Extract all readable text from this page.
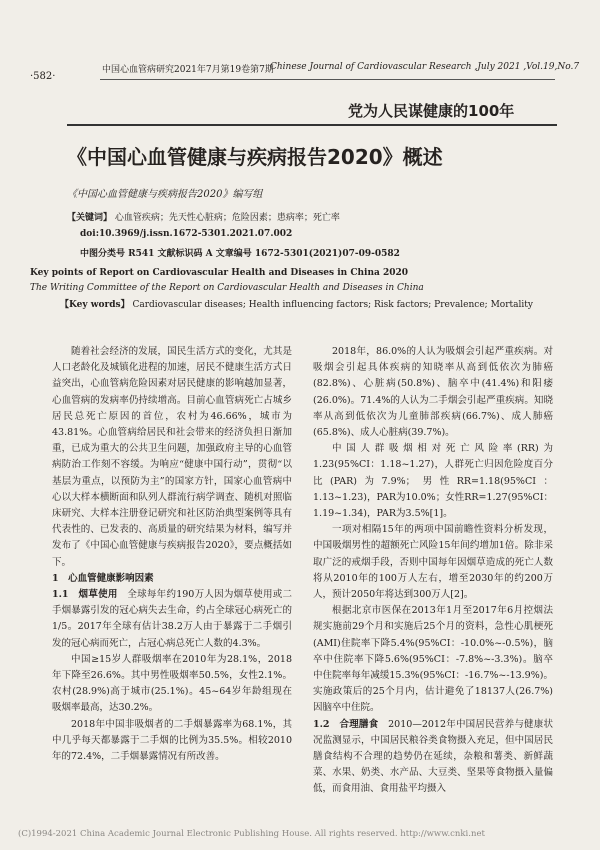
·582·
中国心血管病研究2021年7月第19卷第7期
Chinese Journal of Cardiovascular Research ,July 2021 ,Vol.19,No.7
党为人民谋健康的100年
《中国心血管健康与疾病报告2020》概述
《中国心血管健康与疾病报告2020》编写组
【关键词】 心血管疾病；先天性心脏病；危险因素；患病率；死亡率
doi:10.3969/j.issn.1672-5301.2021.07.002
中图分类号 R541 文献标识码 A 文章编号 1672-5301(2021)07-09-0582
Key points of Report on Cardiovascular Health and Diseases in China 2020
The Writing Committee of the Report on Cardiovascular Health and Diseases in China
【Key words】 Cardiovascular diseases; Health influencing factors; Risk factors; Prevalence; Mortality

随着社会经济的发展，国民生活方式的变化，尤其是人口老龄化及城镇化进程的加速，居民不健康生活方式日益突出，心血管病危险因素对居民健康的影响越加显著，心血管病的发病率仍持续增高。目前心血管病死亡占城乡居民总死亡原因的首位，农村为46.66%，城市为43.81%。心血管病给居民和社会带来的经济负担日渐加重，已成为重大的公共卫生问题，加强政府主导的心血管病防治工作刻不容缓。为响应“健康中国行动”，贯彻“以基层为重点，以预防为主”的国家方针，国家心血管病中心以大样本横断面和队列人群流行病学调查、随机对照临床研究、大样本注册登记研究和社区防治典型案例等具有代表性的、已发表的、高质量的研究结果为材料，编写并发布了《中国心血管健康与疾病报告2020》，要点概括如下。

1　心血管健康影响因素

1.1　烟草使用　 全球每年约190万人因为烟草使用或二手烟暴露引发的冠心病失去生命，约占全球冠心病死亡的1/5。2017年全球有估计38.2万人由于暴露于二手烟引发的冠心病而死亡，占冠心病总死亡人数的4.3%。

中国≥15岁人群吸烟率在2010年为28.1%，2018年下降至26.6%。其中男性吸烟率50.5%，女性2.1%。农村(28.9%)高于城市(25.1%)。45~64岁年龄组现在吸烟率最高，达30.2%。

2018年中国非吸烟者的二手烟暴露率为68.1%，其中几乎每天都暴露于二手烟的比例为35.5%。相较2010年的72.4%，二手烟暴露情况有所改善。

2018年，86.0%的人认为吸烟会引起严重疾病。对吸烟会引起具体疾病的知晓率从高到低依次为肺癌(82.8%)、心脏病(50.8%)、脑卒中(41.4%)和阳痿(26.0%)。71.4%的人认为二手烟会引起严重疾病。知晓率从高到低依次为儿童肺部疾病(66.7%)、成人肺癌(65.8%)、成人心脏病(39.7%)。

中国人群吸烟相对死亡风险率(RR)为1.23(95%CI：1.18~1.27)，人群死亡归因危险度百分比(PAR)为7.9%；男性RR=1.18(95%CI：1.13~1.23)，PAR为10.0%；女性RR=1.27(95%CI：1.19~1.34)，PAR为3.5%[1]。

一项对相隔15年的两项中国前瞻性资料分析发现，中国吸烟男性的超额死亡风险15年间约增加1倍。除非采取广泛的戒烟手段，否则中国每年因烟草造成的死亡人数将从2010年的100万人左右，增至2030年的约200万人，预计2050年将达到300万人[2]。

根据北京市医保在2013年1月至2017年6月控烟法规实施前29个月和实施后25个月的资料，急性心肌梗死(AMI)住院率下降5.4%(95%CI：-10.0%~-0.5%)，脑卒中住院率下降5.6%(95%CI：-7.8%~-3.3%)。脑卒中住院率每年减缓15.3%(95%CI：-16.7%~-13.9%)。实施政策后的25个月内，估计避免了18137人(26.7%)因脑卒中住院。

1.2　合理膳食　 2010—2012年中国居民营养与健康状况监测显示，中国居民粮谷类食物摄入充足，但中国居民膳食结构不合理的趋势仍在延续，杂粮和薯类、新鲜蔬菜、水果、奶类、水产品、大豆类、坚果等食物摄入量偏低，而食用油、食用盐平均摄入

(C)1994-2021 China Academic Journal Electronic Publishing House. All rights reserved. http://www.cnki.net
